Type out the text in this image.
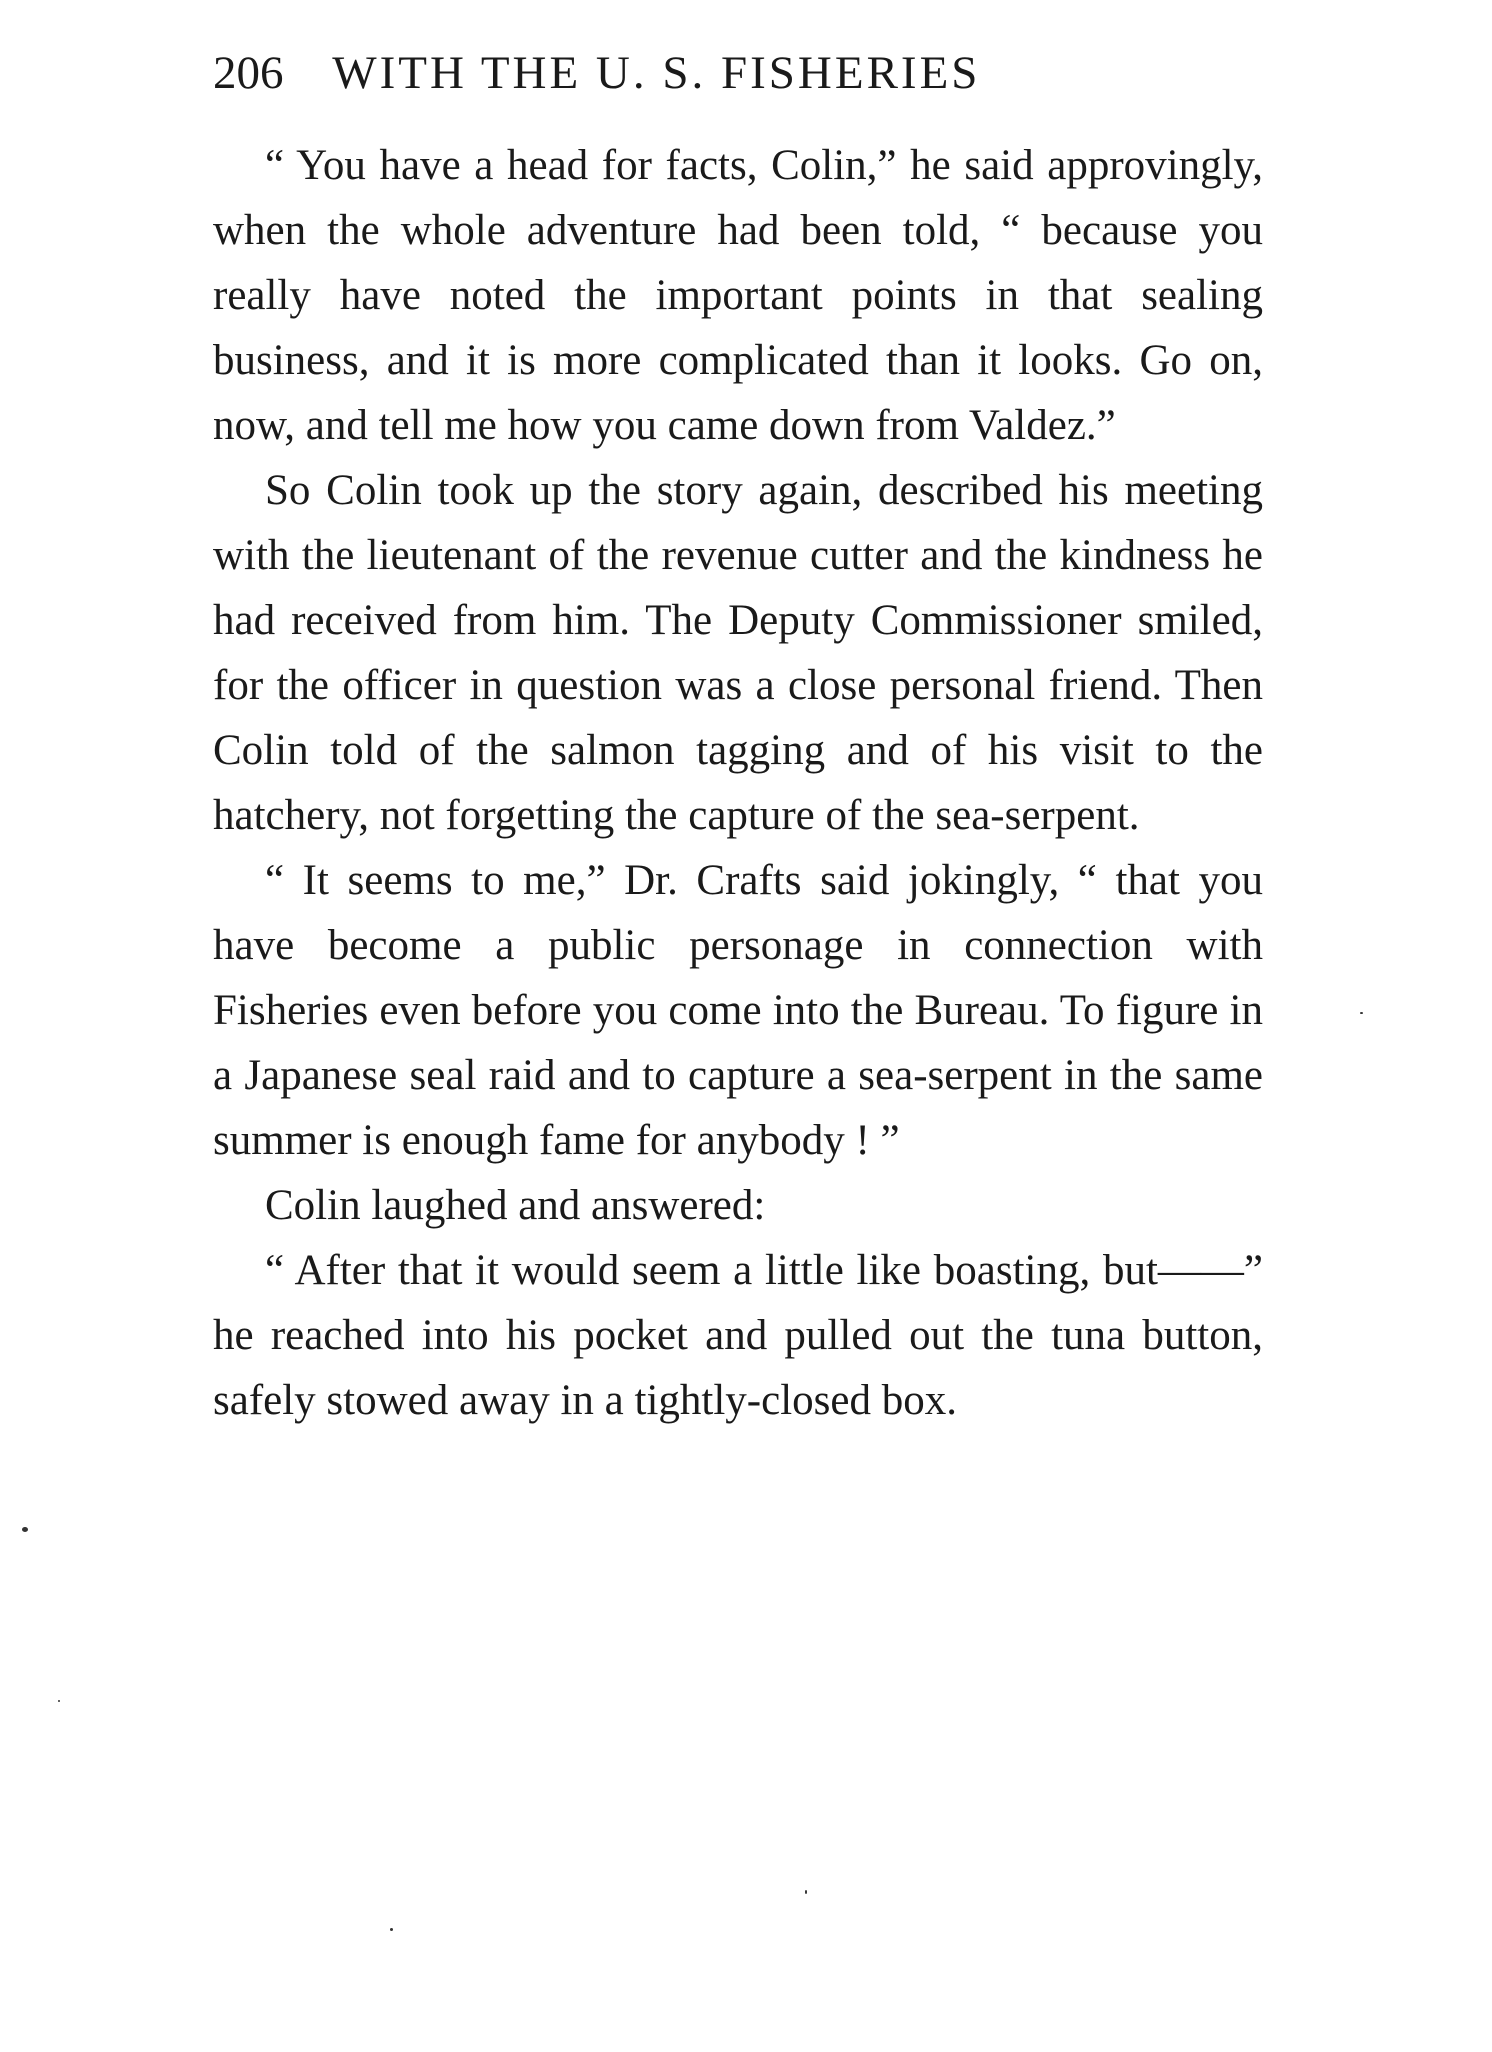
206 WITH THE U. S. FISHERIES

“ You have a head for facts, Colin,” he said approvingly, when the whole adventure had been told, “ because you really have noted the important points in that sealing business, and it is more complicated than it looks. Go on, now, and tell me how you came down from Valdez.”

So Colin took up the story again, described his meeting with the lieutenant of the revenue cutter and the kindness he had received from him. The Deputy Commissioner smiled, for the officer in question was a close personal friend. Then Colin told of the salmon tagging and of his visit to the hatchery, not forgetting the capture of the sea-serpent.

“ It seems to me,” Dr. Crafts said jokingly, “ that you have become a public personage in connection with Fisheries even before you come into the Bureau. To figure in a Japanese seal raid and to capture a sea-serpent in the same summer is enough fame for anybody ! ”

Colin laughed and answered:

“ After that it would seem a little like boasting, but——” he reached into his pocket and pulled out the tuna button, safely stowed away in a tightly-closed box.
